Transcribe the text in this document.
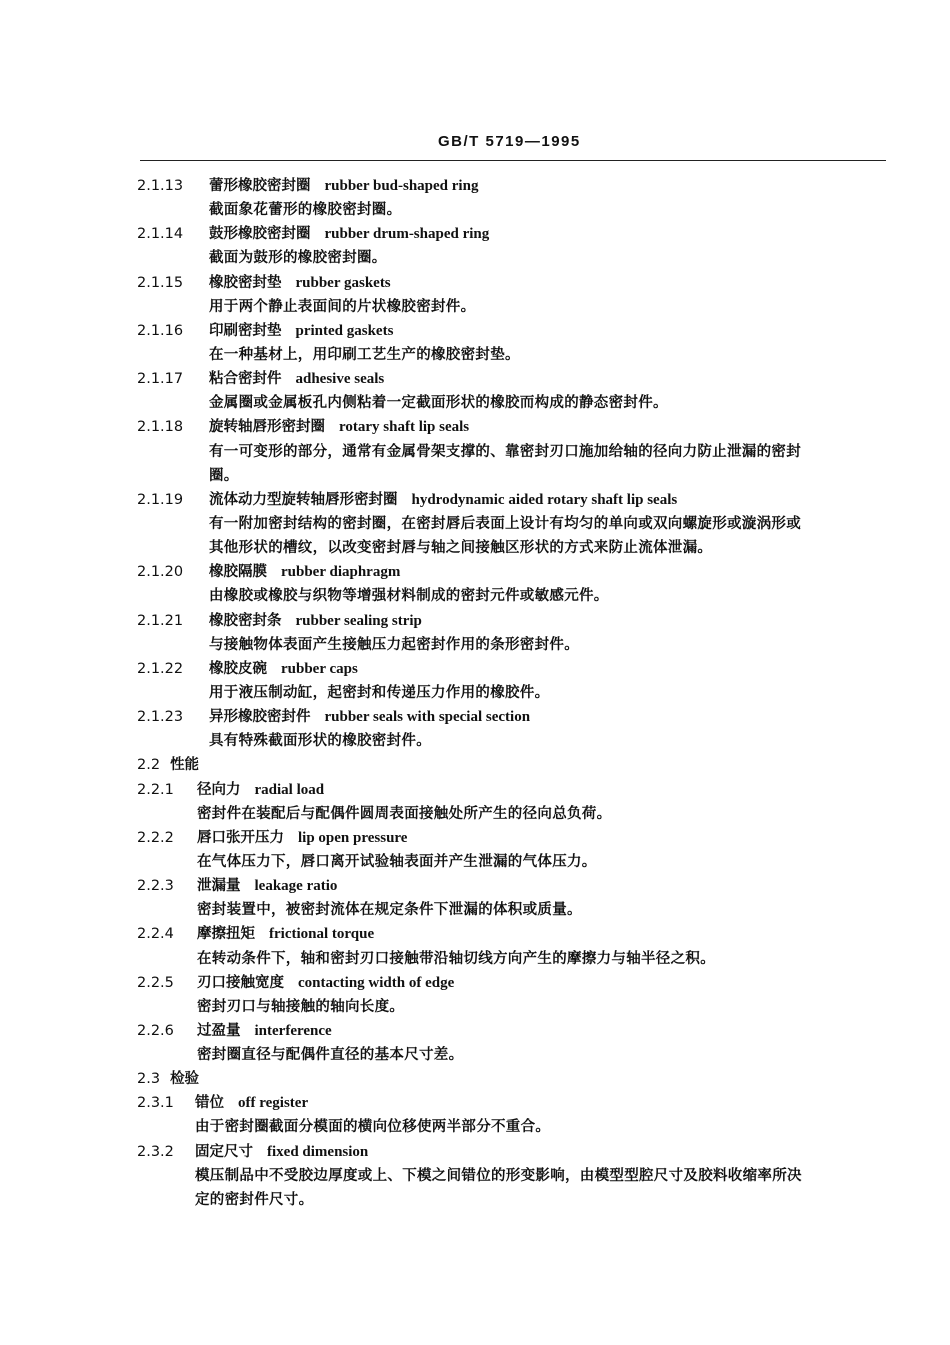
GB/T 5719—1995
2.1.13 蕾形橡胶密封圈 rubber bud-shaped ring
截面象花蕾形的橡胶密封圈。
2.1.14 鼓形橡胶密封圈 rubber drum-shaped ring
截面为鼓形的橡胶密封圈。
2.1.15 橡胶密封垫 rubber gaskets
用于两个静止表面间的片状橡胶密封件。
2.1.16 印刷密封垫 printed gaskets
在一种基材上，用印刷工艺生产的橡胶密封垫。
2.1.17 粘合密封件 adhesive seals
金属圈或金属板孔内侧粘着一定截面形状的橡胶而构成的静态密封件。
2.1.18 旋转轴唇形密封圈 rotary shaft lip seals
有一可变形的部分，通常有金属骨架支撑的、靠密封刃口施加给轴的径向力防止泄漏的密封
圈。
2.1.19 流体动力型旋转轴唇形密封圈 hydrodynamic aided rotary shaft lip seals
有一附加密封结构的密封圈，在密封唇后表面上设计有均匀的单向或双向螺旋形或漩涡形或
其他形状的槽纹，以改变密封唇与轴之间接触区形状的方式来防止流体泄漏。
2.1.20 橡胶隔膜 rubber diaphragm
由橡胶或橡胶与织物等增强材料制成的密封元件或敏感元件。
2.1.21 橡胶密封条 rubber sealing strip
与接触物体表面产生接触压力起密封作用的条形密封件。
2.1.22 橡胶皮碗 rubber caps
用于液压制动缸，起密封和传递压力作用的橡胶件。
2.1.23 异形橡胶密封件 rubber seals with special section
具有特殊截面形状的橡胶密封件。
2.2 性能
2.2.1 径向力 radial load
密封件在装配后与配偶件圆周表面接触处所产生的径向总负荷。
2.2.2 唇口张开压力 lip open pressure
在气体压力下，唇口离开试验轴表面并产生泄漏的气体压力。
2.2.3 泄漏量 leakage ratio
密封装置中，被密封流体在规定条件下泄漏的体积或质量。
2.2.4 摩擦扭矩 frictional torque
在转动条件下，轴和密封刃口接触带沿轴切线方向产生的摩擦力与轴半径之积。
2.2.5 刃口接触宽度 contacting width of edge
密封刃口与轴接触的轴向长度。
2.2.6 过盈量 interference
密封圈直径与配偶件直径的基本尺寸差。
2.3 检验
2.3.1 错位 off register
由于密封圈截面分模面的横向位移使两半部分不重合。
2.3.2 固定尺寸 fixed dimension
模压制品中不受胶边厚度或上、下模之间错位的形变影响，由模型型腔尺寸及胶料收缩率所决
定的密封件尺寸。
